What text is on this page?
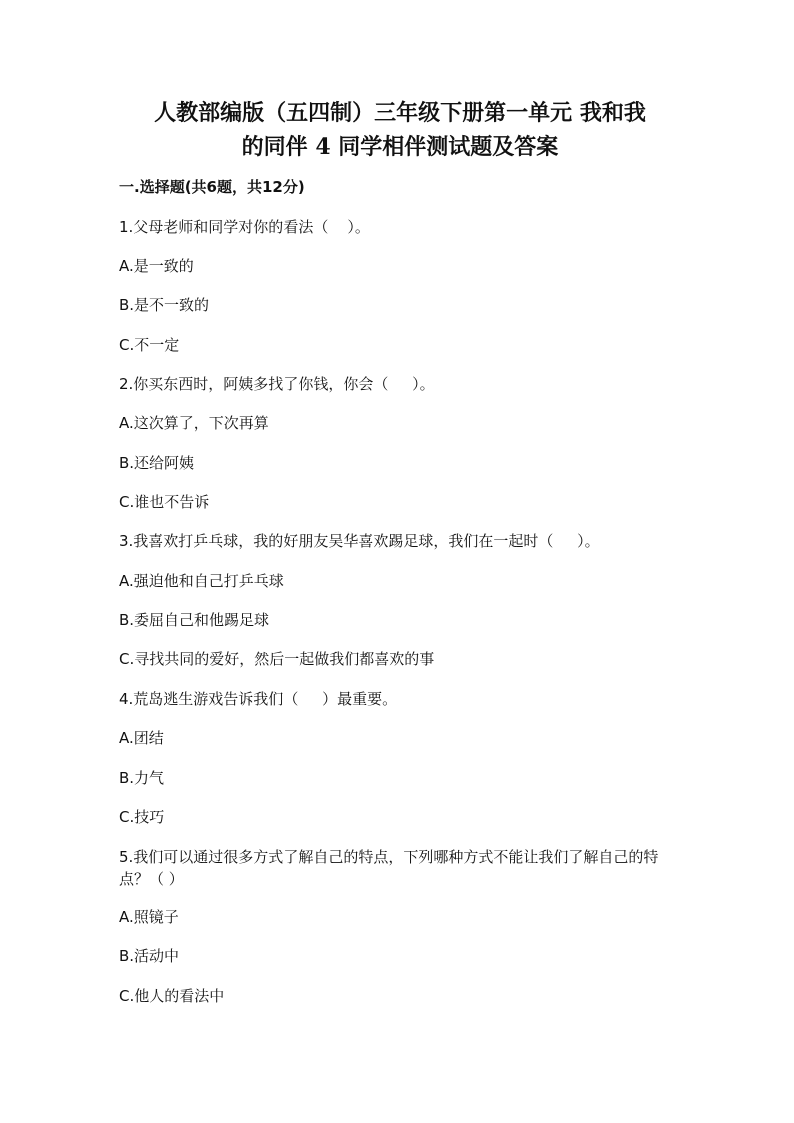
人教部编版（五四制）三年级下册第一单元 我和我
的同伴 4 同学相伴测试题及答案

一.选择题(共6题，共12分)

1.父母老师和同学对你的看法（    ）。

A.是一致的

B.是不一致的

C.不一定

2.你买东西时，阿姨多找了你钱，你会（     ）。

A.这次算了，下次再算

B.还给阿姨

C.谁也不告诉

3.我喜欢打乒乓球，我的好朋友吴华喜欢踢足球，我们在一起时（     ）。

A.强迫他和自己打乒乓球

B.委屈自己和他踢足球

C.寻找共同的爱好，然后一起做我们都喜欢的事

4.荒岛逃生游戏告诉我们（     ）最重要。

A.团结

B.力气

C.技巧

5.我们可以通过很多方式了解自己的特点，下列哪种方式不能让我们了解自己的特点？（ ）

A.照镜子

B.活动中

C.他人的看法中
